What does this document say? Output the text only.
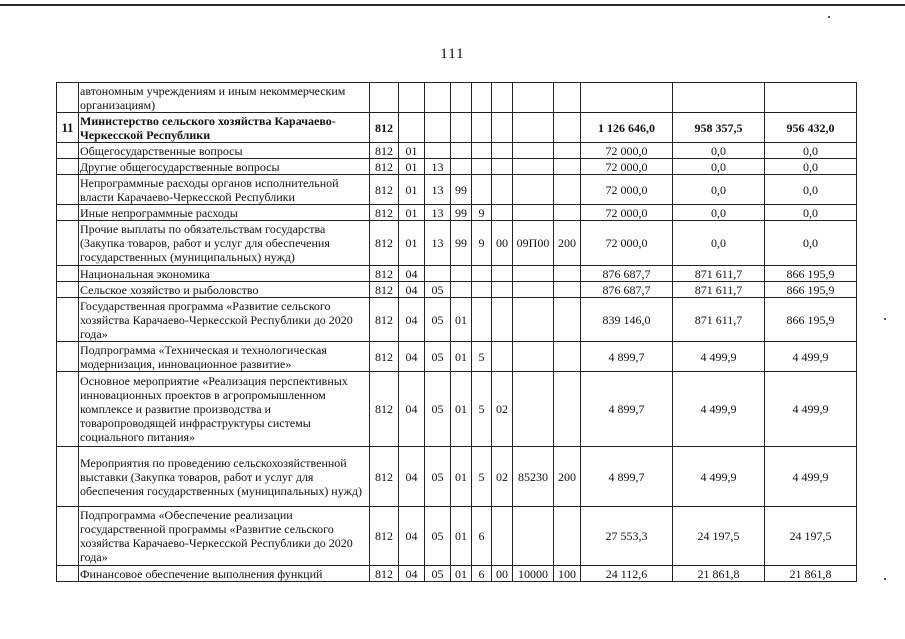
111
	автономным учреждениям и иным некоммерческим организациям)											
11	Министерство сельского хозяйства Карачаево-Черкесской Республики	812								1 126 646,0	958 357,5	956 432,0
	Общегосударственные вопросы	812	01							72 000,0	0,0	0,0
	Другие общегосударственные вопросы	812	01	13						72 000,0	0,0	0,0
	Непрограммные расходы органов исполнительной власти Карачаево-Черкесской Республики	812	01	13	99					72 000,0	0,0	0,0
	Иные непрограммные расходы	812	01	13	99	9				72 000,0	0,0	0,0
	Прочие выплаты по обязательствам государства (Закупка товаров, работ и услуг для обеспечения государственных (муниципальных) нужд)	812	01	13	99	9	00	09П00	200	72 000,0	0,0	0,0
	Национальная экономика	812	04							876 687,7	871 611,7	866 195,9
	Сельское хозяйство и рыболовство	812	04	05						876 687,7	871 611,7	866 195,9
	Государственная программа «Развитие сельского хозяйства Карачаево-Черкесской Республики до 2020 года»	812	04	05	01					839 146,0	871 611,7	866 195,9
	Подпрограмма «Техническая и технологическая модернизация, инновационное развитие»	812	04	05	01	5				4 899,7	4 499,9	4 499,9
	Основное мероприятие «Реализация перспективных инновационных проектов в агропромышленном комплексе и развитие производства и товаропроводящей инфраструктуры системы социального питания»	812	04	05	01	5	02			4 899,7	4 499,9	4 499,9
	Мероприятия по проведению сельскохозяйственной выставки (Закупка товаров, работ и услуг для обеспечения государственных (муниципальных) нужд)	812	04	05	01	5	02	85230	200	4 899,7	4 499,9	4 499,9
	Подпрограмма «Обеспечение реализации государственной программы «Развитие сельского хозяйства Карачаево-Черкесской Республики до 2020 года»	812	04	05	01	6				27 553,3	24 197,5	24 197,5
	Финансовое обеспечение выполнения функций	812	04	05	01	6	00	10000	100	24 112,6	21 861,8	21 861,8
